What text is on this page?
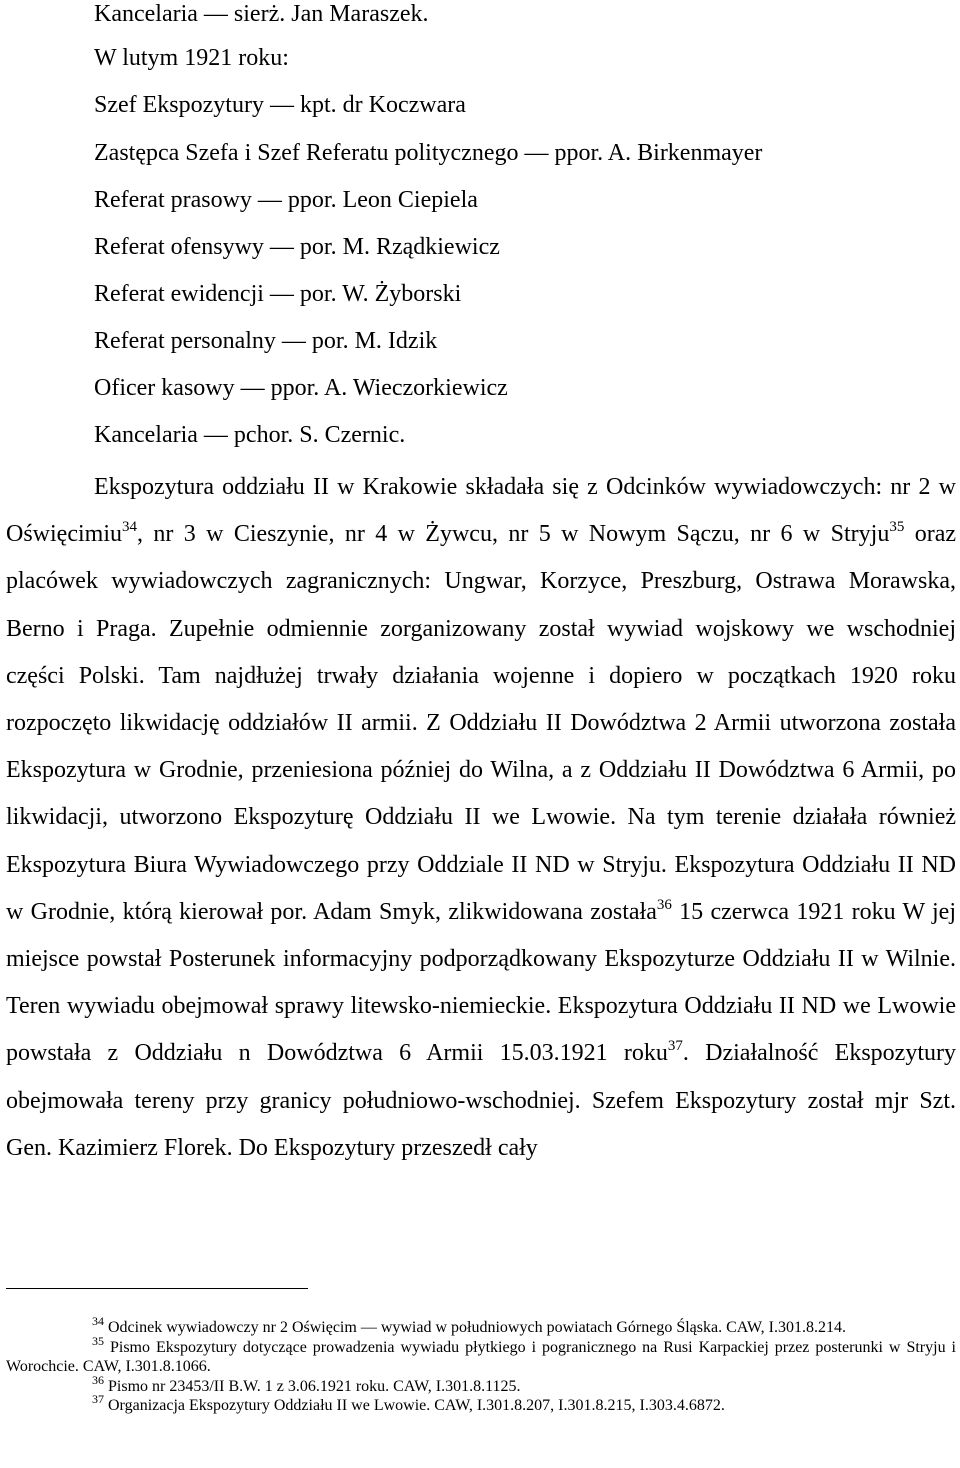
Kancelaria — sierż. Jan Maraszek.
W lutym 1921 roku:
Szef Ekspozytury — kpt. dr Koczwara
Zastępca Szefa i Szef Referatu politycznego — ppor. A. Birkenmayer
Referat prasowy — ppor. Leon Ciepiela
Referat ofensywy — por. M. Rządkiewicz
Referat ewidencji — por. W. Żyborski
Referat personalny — por. M. Idzik
Oficer kasowy — ppor. A. Wieczorkiewicz
Kancelaria — pchor. S. Czernic.

Ekspozytura oddziału II w Krakowie składała się z Odcinków wywiadowczych: nr 2 w Oświęcimiu$^{34}$, nr 3 w Cieszynie, nr 4 w Żywcu, nr 5 w Nowym Sączu, nr 6 w Stryju$^{35}$ oraz placówek wywiadowczych zagranicznych: Ungwar, Korzyce, Preszburg, Ostrawa Morawska, Berno i Praga. Zupełnie odmiennie zorganizowany został wywiad wojskowy we wschodniej części Polski. Tam najdłużej trwały działania wojenne i dopiero w początkach 1920 roku rozpoczęto likwidację oddziałów II armii. Z Oddziału II Dowództwa 2 Armii utworzona została Ekspozytura w Grodnie, przeniesiona później do Wilna, a z Oddziału II Dowództwa 6 Armii, po likwidacji, utworzono Ekspozyturę Oddziału II we Lwowie. Na tym terenie działała również Ekspozytura Biura Wywiadowczego przy Oddziale II ND w Stryju. Ekspozytura Oddziału II ND w Grodnie, którą kierował por. Adam Smyk, zlikwidowana została$^{36}$ 15 czerwca 1921 roku W jej miejsce powstał Posterunek informacyjny podporządkowany Ekspozyturze Oddziału II w Wilnie. Teren wywiadu obejmował sprawy litewsko-niemieckie. Ekspozytura Oddziału II ND we Lwowie powstała z Oddziału n Dowództwa 6 Armii 15.03.1921 roku$^{37}$. Działalność Ekspozytury obejmowała tereny przy granicy południowo-wschodniej. Szefem Ekspozytury został mjr Szt. Gen. Kazimierz Florek. Do Ekspozytury przeszedł cały

$^{34}$ Odcinek wywiadowczy nr 2 Oświęcim — wywiad w południowych powiatach Górnego Śląska. CAW, I.301.8.214.

$^{35}$ Pismo Ekspozytury dotyczące prowadzenia wywiadu płytkiego i pogranicznego na Rusi Karpackiej przez posterunki w Stryju i Worochcie. CAW, I.301.8.1066.

$^{36}$ Pismo nr 23453/II B.W. 1 z 3.06.1921 roku. CAW, I.301.8.1125.

$^{37}$ Organizacja Ekspozytury Oddziału II we Lwowie. CAW, I.301.8.207, I.301.8.215, I.303.4.6872.
